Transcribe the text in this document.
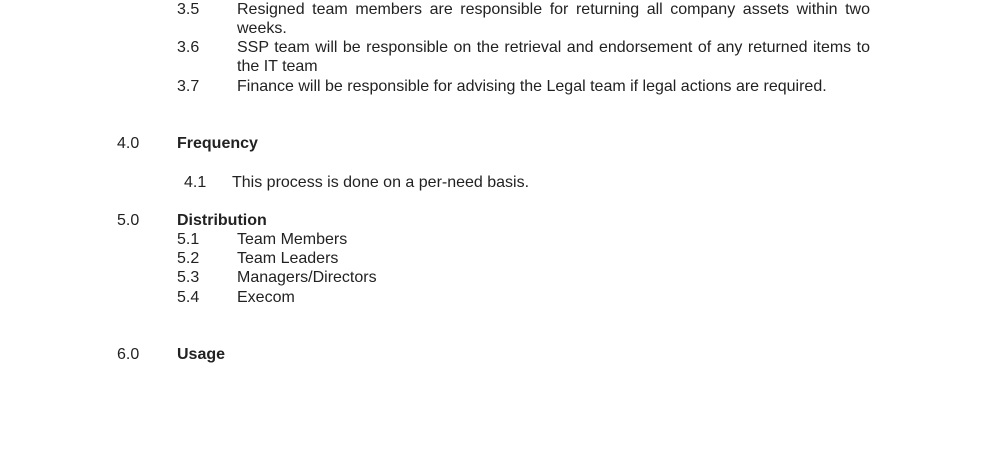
3.5 Resigned team members are responsible for returning all company assets within two weeks.
3.6 SSP team will be responsible on the retrieval and endorsement of any returned items to the IT team
3.7 Finance will be responsible for advising the Legal team if legal actions are required.
4.0 Frequency
4.1 This process is done on a per-need basis.
5.0 Distribution
5.1 Team Members
5.2 Team Leaders
5.3 Managers/Directors
5.4 Execom
6.0 Usage
